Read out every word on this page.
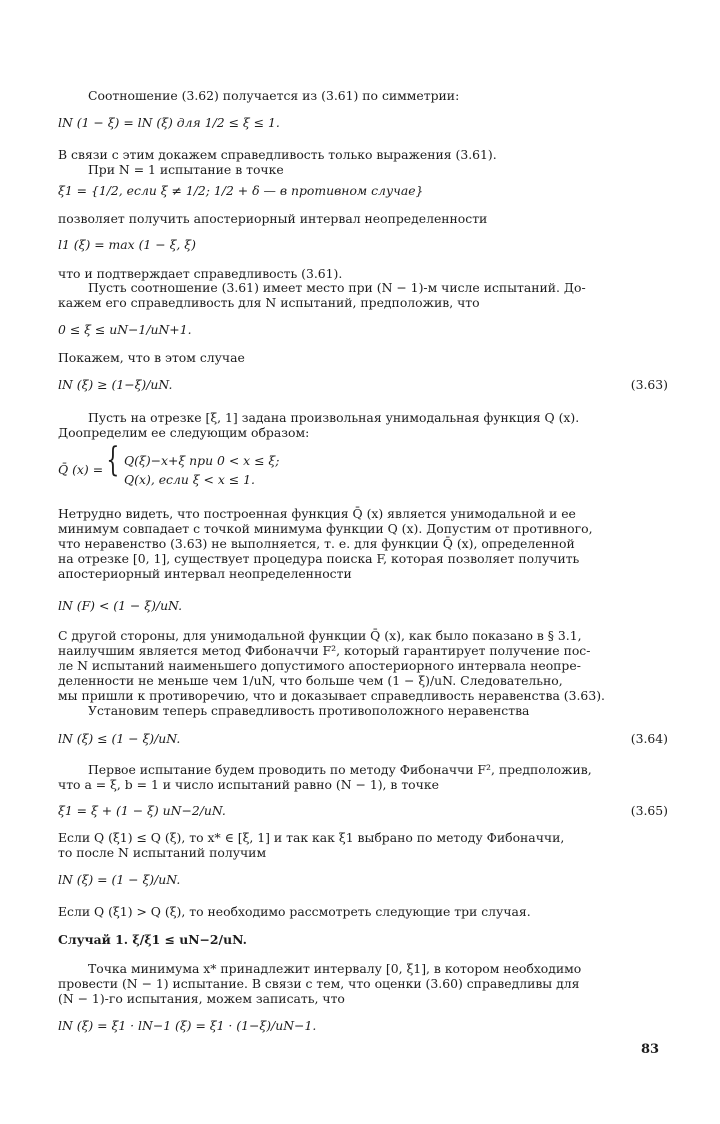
Соотношение (3.62) получается из (3.61) по симметрии:
lN (1 − ξ) = lN (ξ) для 1/2 ≤ ξ ≤ 1.
В связи с этим докажем справедливость только выражения (3.61).
При N = 1 испытание в точке
ξ1 = {1/2, если ξ ≠ 1/2; 1/2 + δ — в противном случае}
позволяет получить апостериорный интервал неопределенности
l1 (ξ) = max (1 − ξ, ξ)
что и подтверждает справедливость (3.61).
Пусть соотношение (3.61) имеет место при (N − 1)-м числе испытаний. До-
кажем его справедливость для N испытаний, предположив, что
0 ≤ ξ ≤ uN−1/uN+1.
Покажем, что в этом случае
lN (ξ) ≥ (1−ξ)/uN.	(3.63)
Пусть на отрезке [ξ, 1] задана произвольная унимодальная функция Q (x).
Доопределим ее следующим образом:
Q(ξ)−x+ξ при 0 < x ≤ ξ;
Q(x), если ξ < x ≤ 1.
Нетрудно видеть, что построенная функция Q̄ (x) является унимодальной и ее
минимум совпадает с точкой минимума функции Q (x). Допустим от противного,
что неравенство (3.63) не выполняется, т. е. для функции Q̄ (x), определенной
на отрезке [0, 1], существует процедура поиска F, которая позволяет получить
апостериорный интервал неопределенности
lN (F) < (1 − ξ)/uN.
С другой стороны, для унимодальной функции Q̄ (x), как было показано в § 3.1,
наилучшим является метод Фибоначчи F², который гарантирует получение пос-
ле N испытаний наименьшего допустимого апостериорного интервала неопре-
деленности не меньше чем 1/uN, что больше чем (1 − ξ)/uN. Следовательно,
мы пришли к противоречию, что и доказывает справедливость неравенства (3.63).
Установим теперь справедливость противоположного неравенства
lN (ξ) ≤ (1 − ξ)/uN.	(3.64)
Первое испытание будем проводить по методу Фибоначчи F², предположив,
что a = ξ, b = 1 и число испытаний равно (N − 1), в точке
ξ1 = ξ + (1 − ξ) uN−2/uN.	(3.65)
Если Q (ξ1) ≤ Q (ξ), то x* ∈ [ξ, 1] и так как ξ1 выбрано по методу Фибоначчи,
то после N испытаний получим
lN (ξ) = (1 − ξ)/uN.
Если Q (ξ1) > Q (ξ), то необходимо рассмотреть следующие три случая.
Случай 1. ξ/ξ1 ≤ uN−2/uN.
Точка минимума x* принадлежит интервалу [0, ξ1], в котором необходимо
провести (N − 1) испытание. В связи с тем, что оценки (3.60) справедливы для
(N − 1)-го испытания, можем записать, что
lN (ξ) = ξ1 · lN−1 (ξ) = ξ1 · (1−ξ)/uN−1.
Q̄ (x) = {
83
